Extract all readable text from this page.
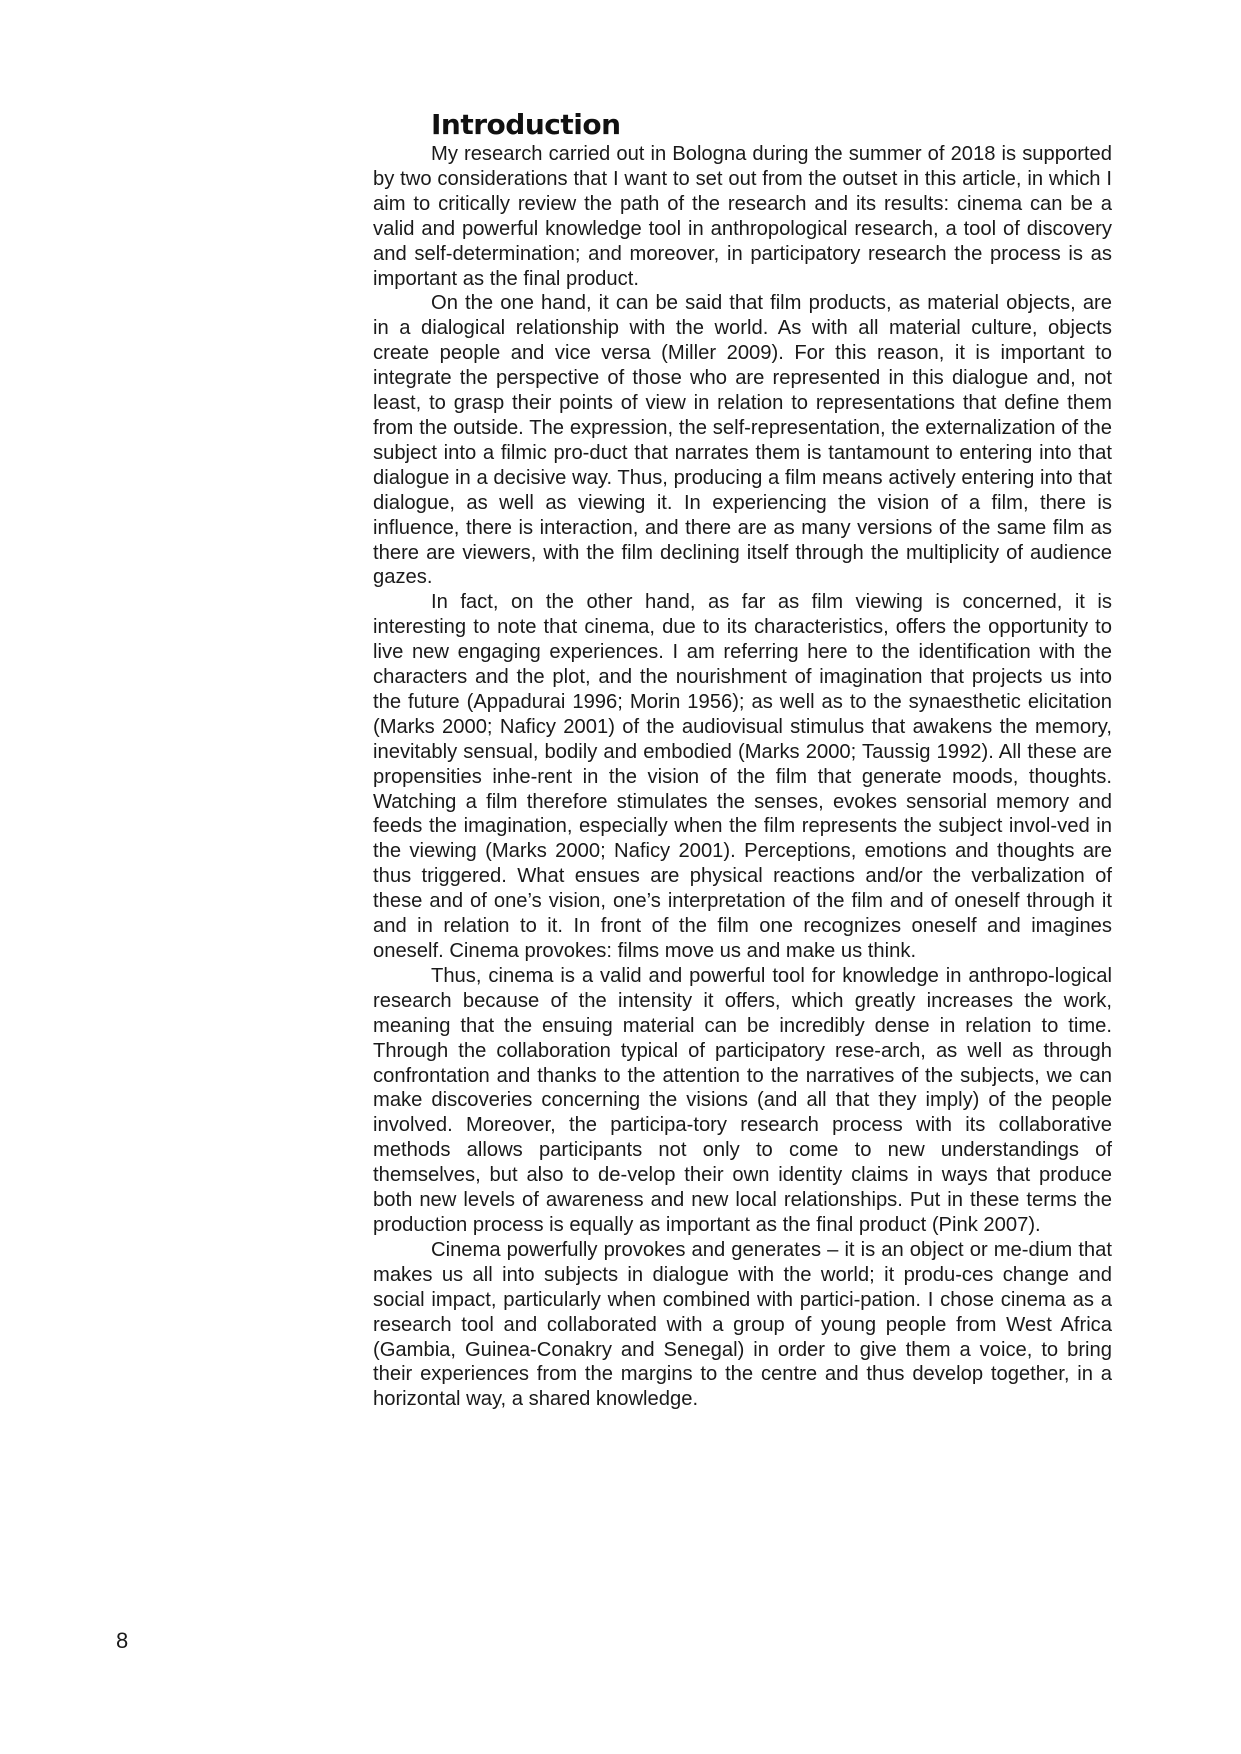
Introduction

My research carried out in Bologna during the summer of 2018 is supported by two considerations that I want to set out from the outset in this article, in which I aim to critically review the path of the research and its results: cinema can be a valid and powerful knowledge tool in anthropological research, a tool of discovery and self-determination; and moreover, in participatory research the process is as important as the final product.

On the one hand, it can be said that film products, as material objects, are in a dialogical relationship with the world. As with all material culture, objects create people and vice versa (Miller 2009). For this reason, it is important to integrate the perspective of those who are represented in this dialogue and, not least, to grasp their points of view in relation to representations that define them from the outside. The expression, the self-representation, the externalization of the subject into a filmic pro-duct that narrates them is tantamount to entering into that dialogue in a decisive way. Thus, producing a film means actively entering into that dialogue, as well as viewing it. In experiencing the vision of a film, there is influence, there is interaction, and there are as many versions of the same film as there are viewers, with the film declining itself through the multiplicity of audience gazes.

In fact, on the other hand, as far as film viewing is concerned, it is interesting to note that cinema, due to its characteristics, offers the opportunity to live new engaging experiences. I am referring here to the identification with the characters and the plot, and the nourishment of imagination that projects us into the future (Appadurai 1996; Morin 1956); as well as to the synaesthetic elicitation (Marks 2000; Naficy 2001) of the audiovisual stimulus that awakens the memory, inevitably sensual, bodily and embodied (Marks 2000; Taussig 1992). All these are propensities inhe-rent in the vision of the film that generate moods, thoughts. Watching a film therefore stimulates the senses, evokes sensorial memory and feeds the imagination, especially when the film represents the subject invol-ved in the viewing (Marks 2000; Naficy 2001). Perceptions, emotions and thoughts are thus triggered. What ensues are physical reactions and/or the verbalization of these and of one’s vision, one’s interpretation of the film and of oneself through it and in relation to it. In front of the film one recognizes oneself and imagines oneself. Cinema provokes: films move us and make us think.

Thus, cinema is a valid and powerful tool for knowledge in anthropo-logical research because of the intensity it offers, which greatly increases the work, meaning that the ensuing material can be incredibly dense in relation to time. Through the collaboration typical of participatory rese-arch, as well as through confrontation and thanks to the attention to the narratives of the subjects, we can make discoveries concerning the visions (and all that they imply) of the people involved. Moreover, the participa-tory research process with its collaborative methods allows participants not only to come to new understandings of themselves, but also to de-velop their own identity claims in ways that produce both new levels of awareness and new local relationships. Put in these terms the production process is equally as important as the final product (Pink 2007).

Cinema powerfully provokes and generates – it is an object or me-dium that makes us all into subjects in dialogue with the world; it produ-ces change and social impact, particularly when combined with partici-pation. I chose cinema as a research tool and collaborated with a group of young people from West Africa (Gambia, Guinea-Conakry and Senegal) in order to give them a voice, to bring their experiences from the margins to the centre and thus develop together, in a horizontal way, a shared knowledge.

8
